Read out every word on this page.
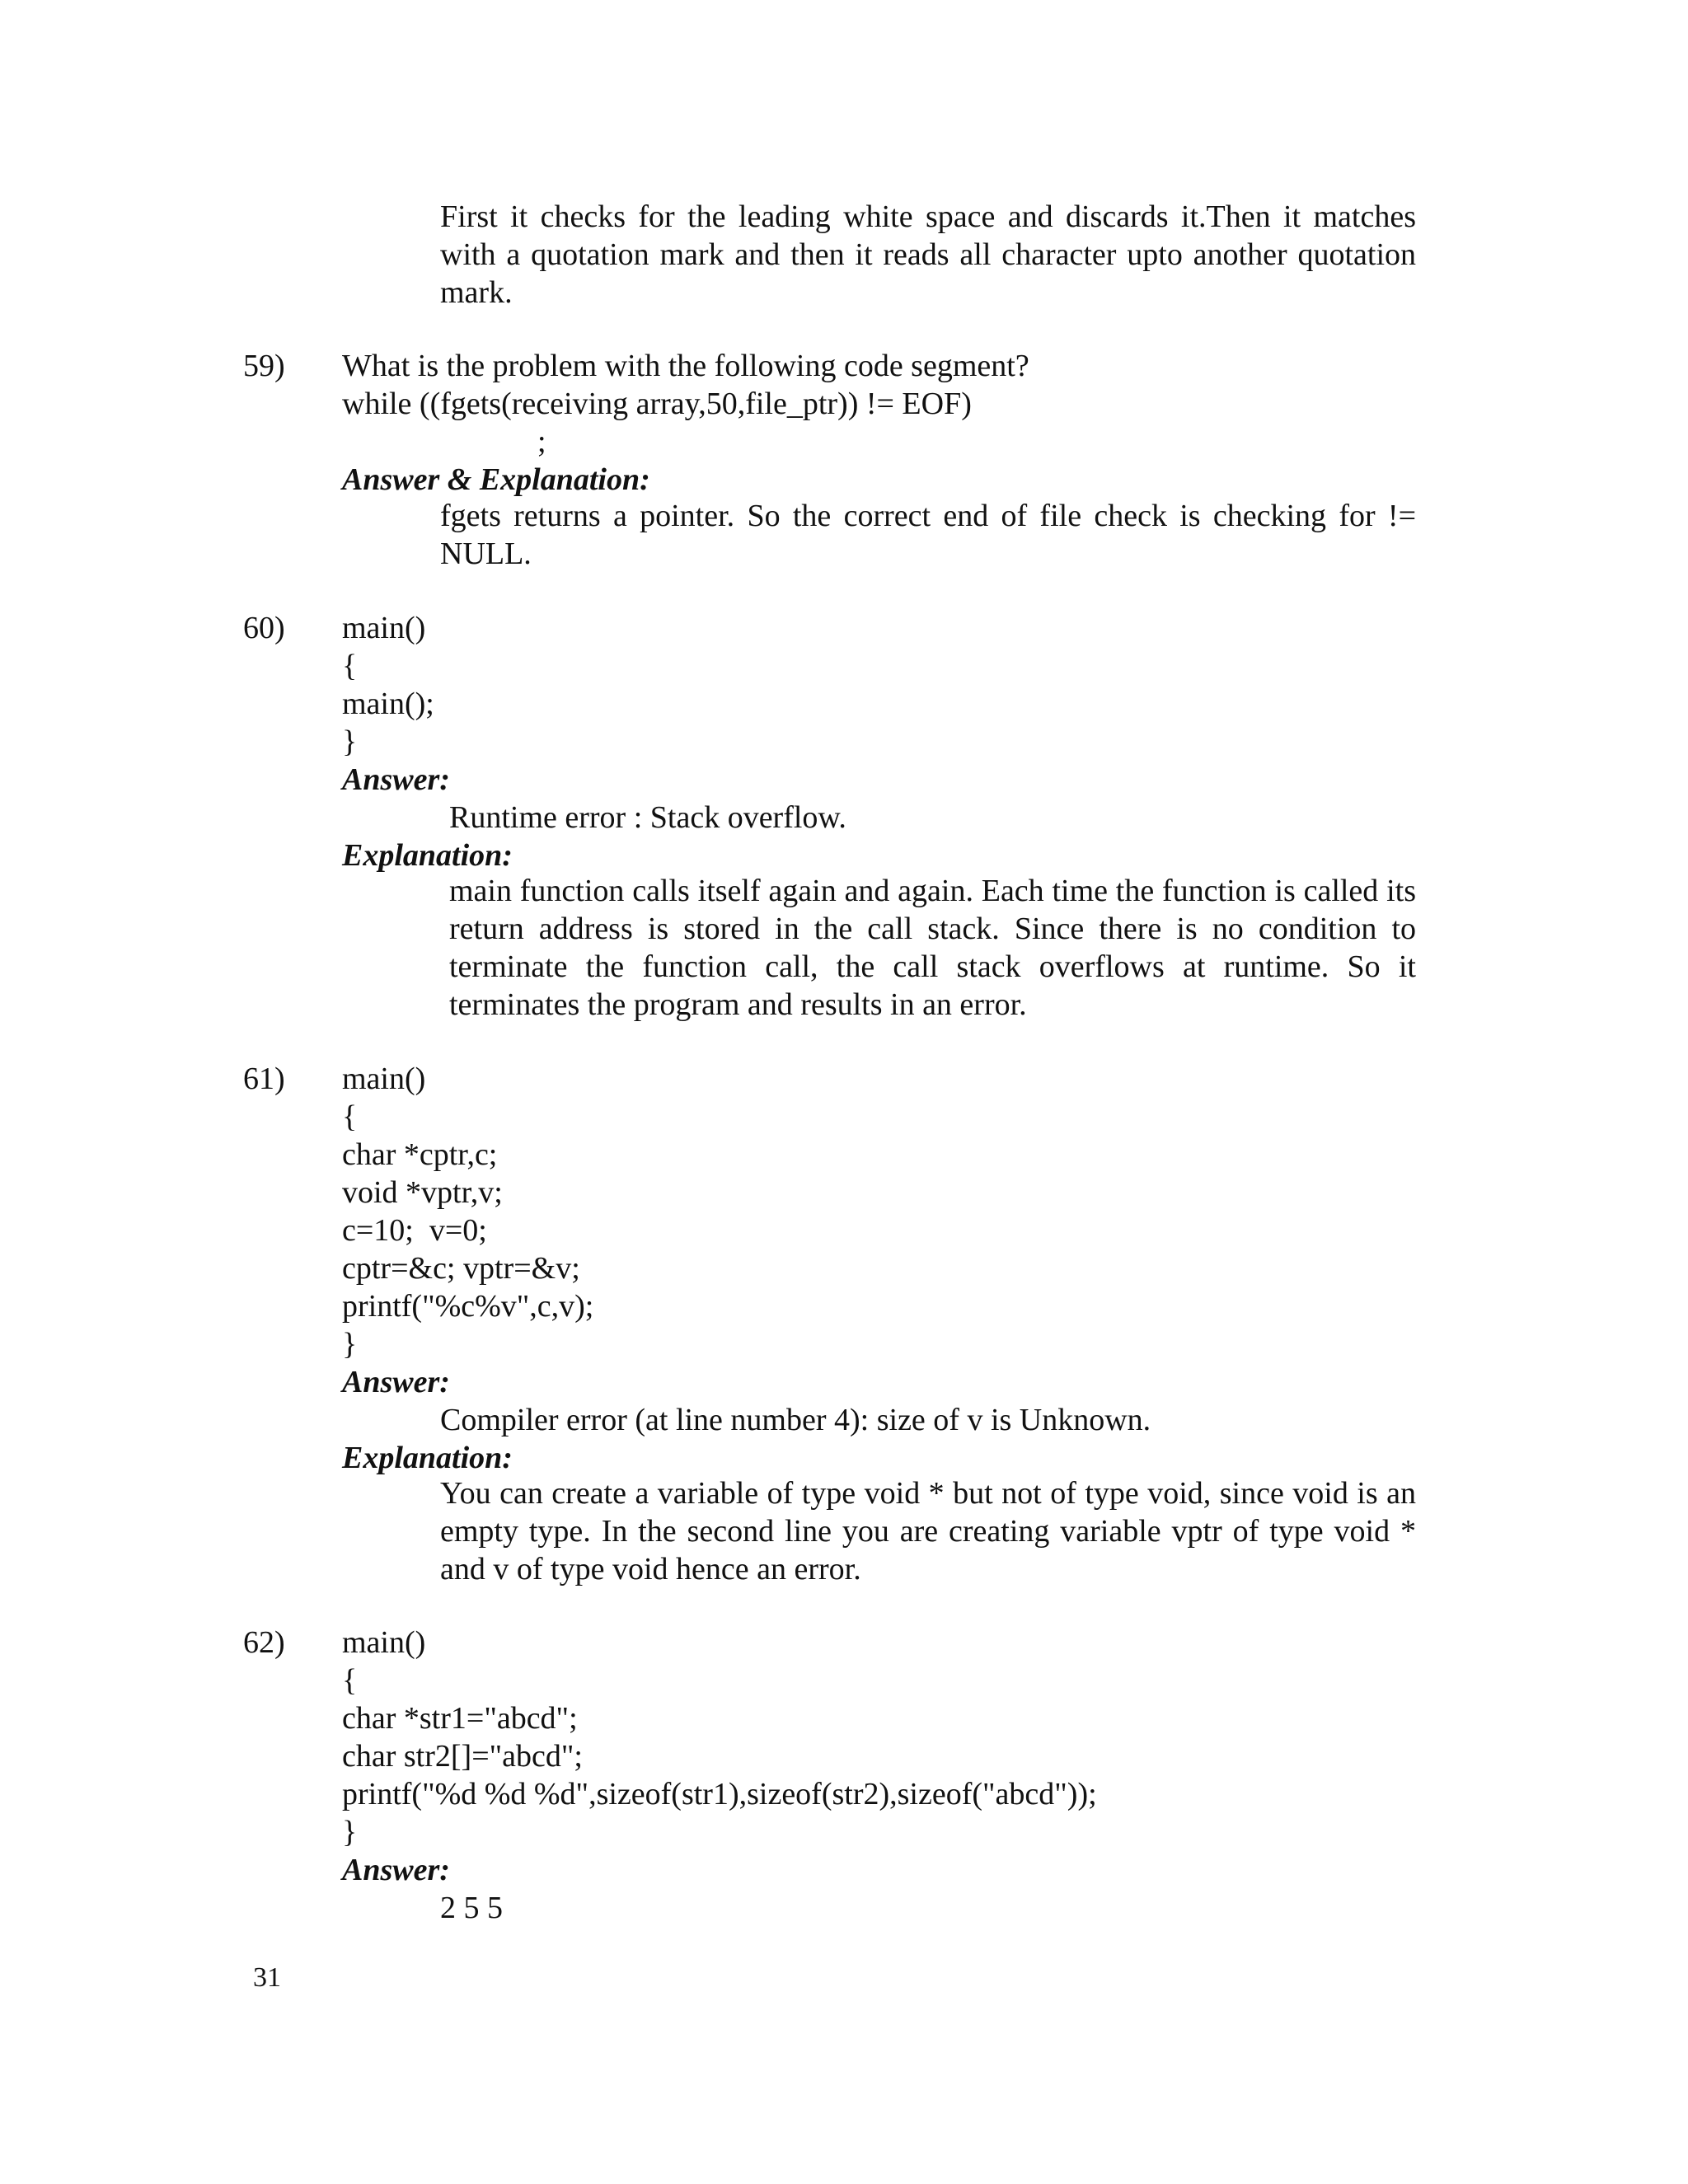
First it checks for the leading white space and discards it.Then it matches with a quotation mark and then it reads all character upto another quotation mark.
59) What is the problem with the following code segment?
while ((fgets(receiving array,50,file_ptr)) != EOF)
;
Answer & Explanation:
fgets returns a pointer. So the correct end of file check is checking for != NULL.
60) main()
{
main();
}
Answer:
Runtime error : Stack overflow.
Explanation:
main function calls itself again and again. Each time the function is called its return address is stored in the call stack. Since there is no condition to terminate the function call, the call stack overflows at runtime. So it terminates the program and results in an error.
61) main()
{
char *cptr,c;
void *vptr,v;
c=10;  v=0;
cptr=&c; vptr=&v;
printf("%c%v",c,v);
}
Answer:
Compiler error (at line number 4): size of v is Unknown.
Explanation:
You can create a variable of type void * but not of type void, since void is an empty type. In the second line you are creating variable vptr of type void * and v of type void hence an error.
62) main()
{
char *str1="abcd";
char str2[]="abcd";
printf("%d %d %d",sizeof(str1),sizeof(str2),sizeof("abcd"));
}
Answer:
2 5 5
31
